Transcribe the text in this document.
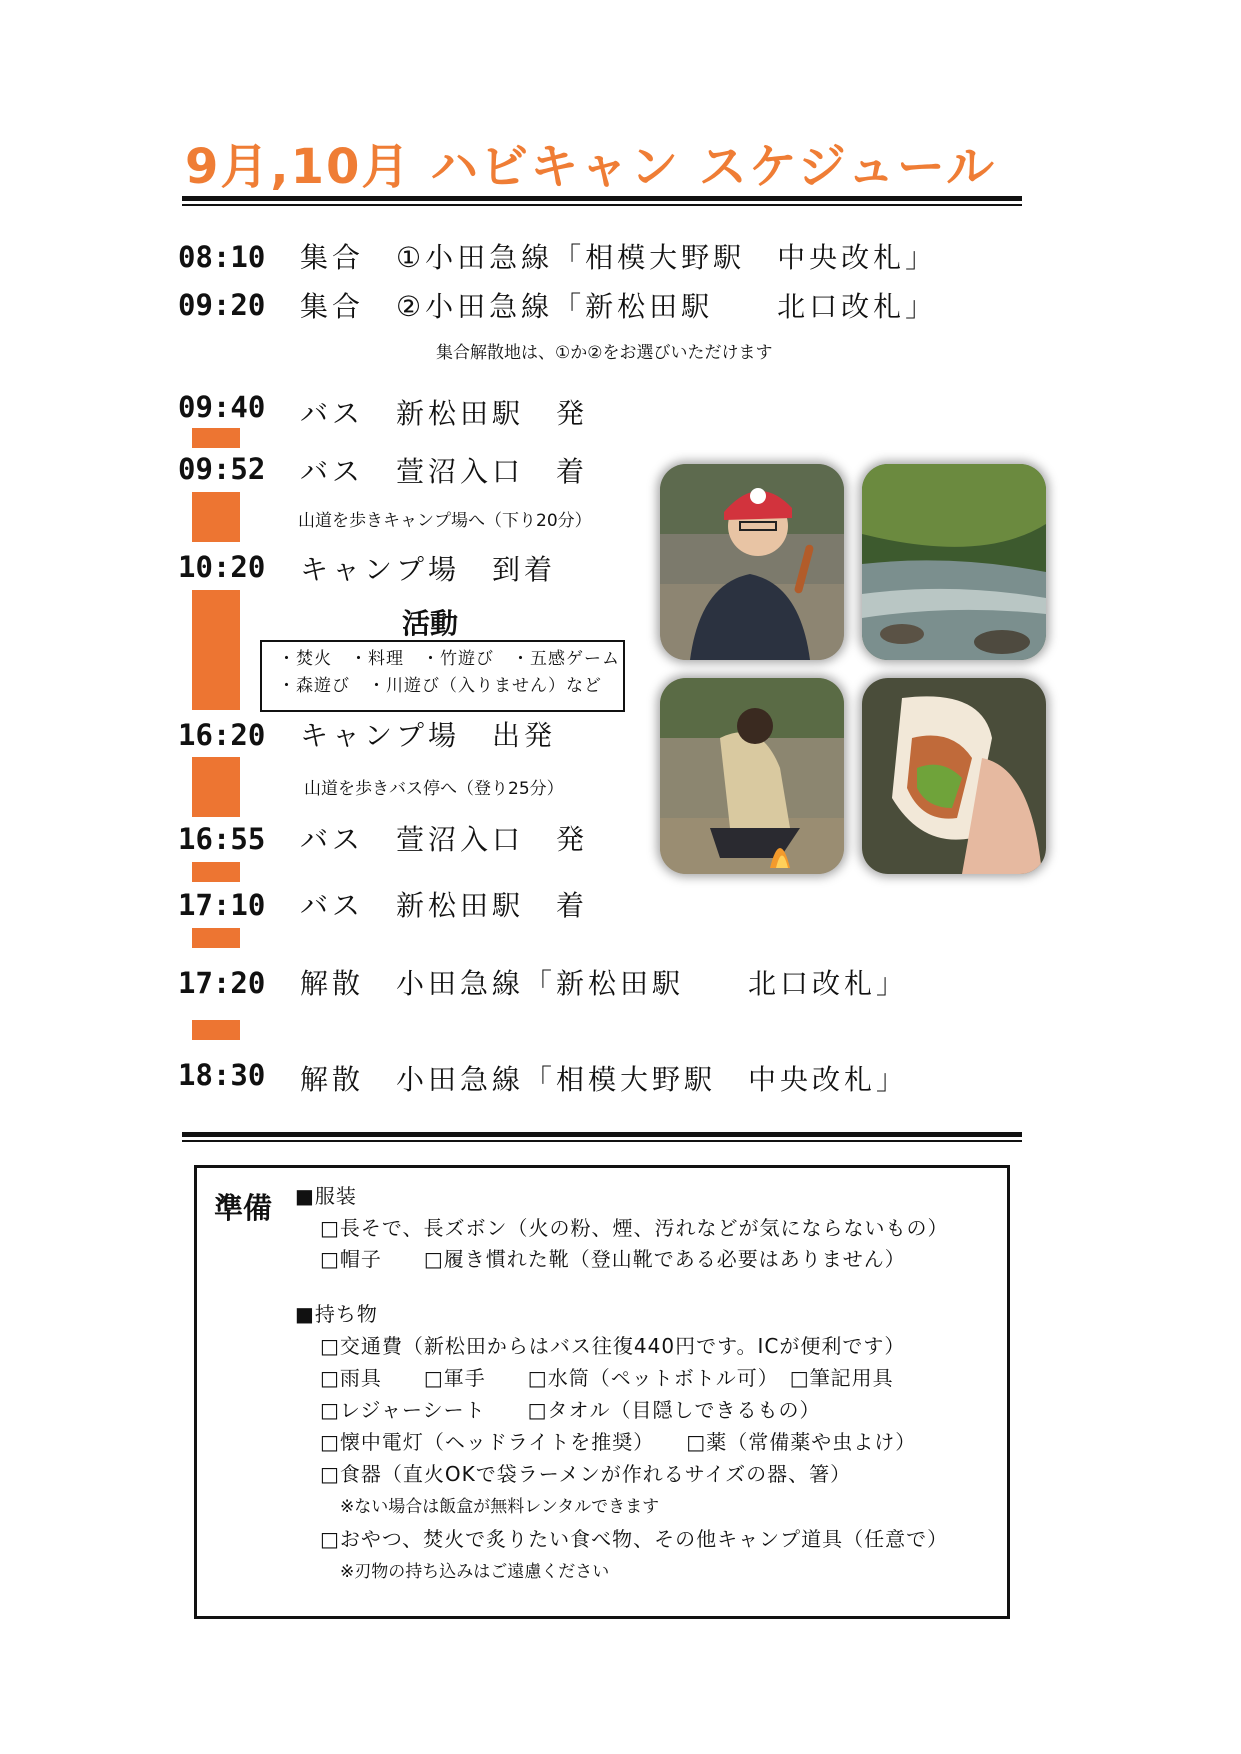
9月,10月 ハビキャン スケジュール
08:10 集合　①小田急線「相模大野駅　中央改札」
09:20 集合　②小田急線「新松田駅　　北口改札」
集合解散地は、①か②をお選びいただけます
09:40 バス　新松田駅　発
09:52 バス　萱沼入口　着
山道を歩きキャンプ場へ（下り20分）
10:20 キャンプ場　到着
活動
・焚火　・料理　・竹遊び　・五感ゲーム
・森遊び　・川遊び（入りません）など
16:20 キャンプ場　出発
山道を歩きバス停へ（登り25分）
16:55 バス　萱沼入口　発
17:10 バス　新松田駅　着
17:20 解散　小田急線「新松田駅　　北口改札」
18:30 解散　小田急線「相模大野駅　中央改札」
準備 ■服装
□長そで、長ズボン（火の粉、煙、汚れなどが気にならないもの）
□帽子　　□履き慣れた靴（登山靴である必要はありません）
■持ち物
□交通費（新松田からはバス往復440円です。ICが便利です）
□雨具　　□軍手　　□水筒（ペットボトル可）　□筆記用具
□レジャーシート　　□タオル（目隠しできるもの）
□懐中電灯（ヘッドライトを推奨）　　□薬（常備薬や虫よけ）
□食器（直火OKで袋ラーメンが作れるサイズの器、箸）
※ない場合は飯盒が無料レンタルできます
□おやつ、焚火で炙りたい食べ物、その他キャンプ道具（任意で）
※刃物の持ち込みはご遠慮ください
